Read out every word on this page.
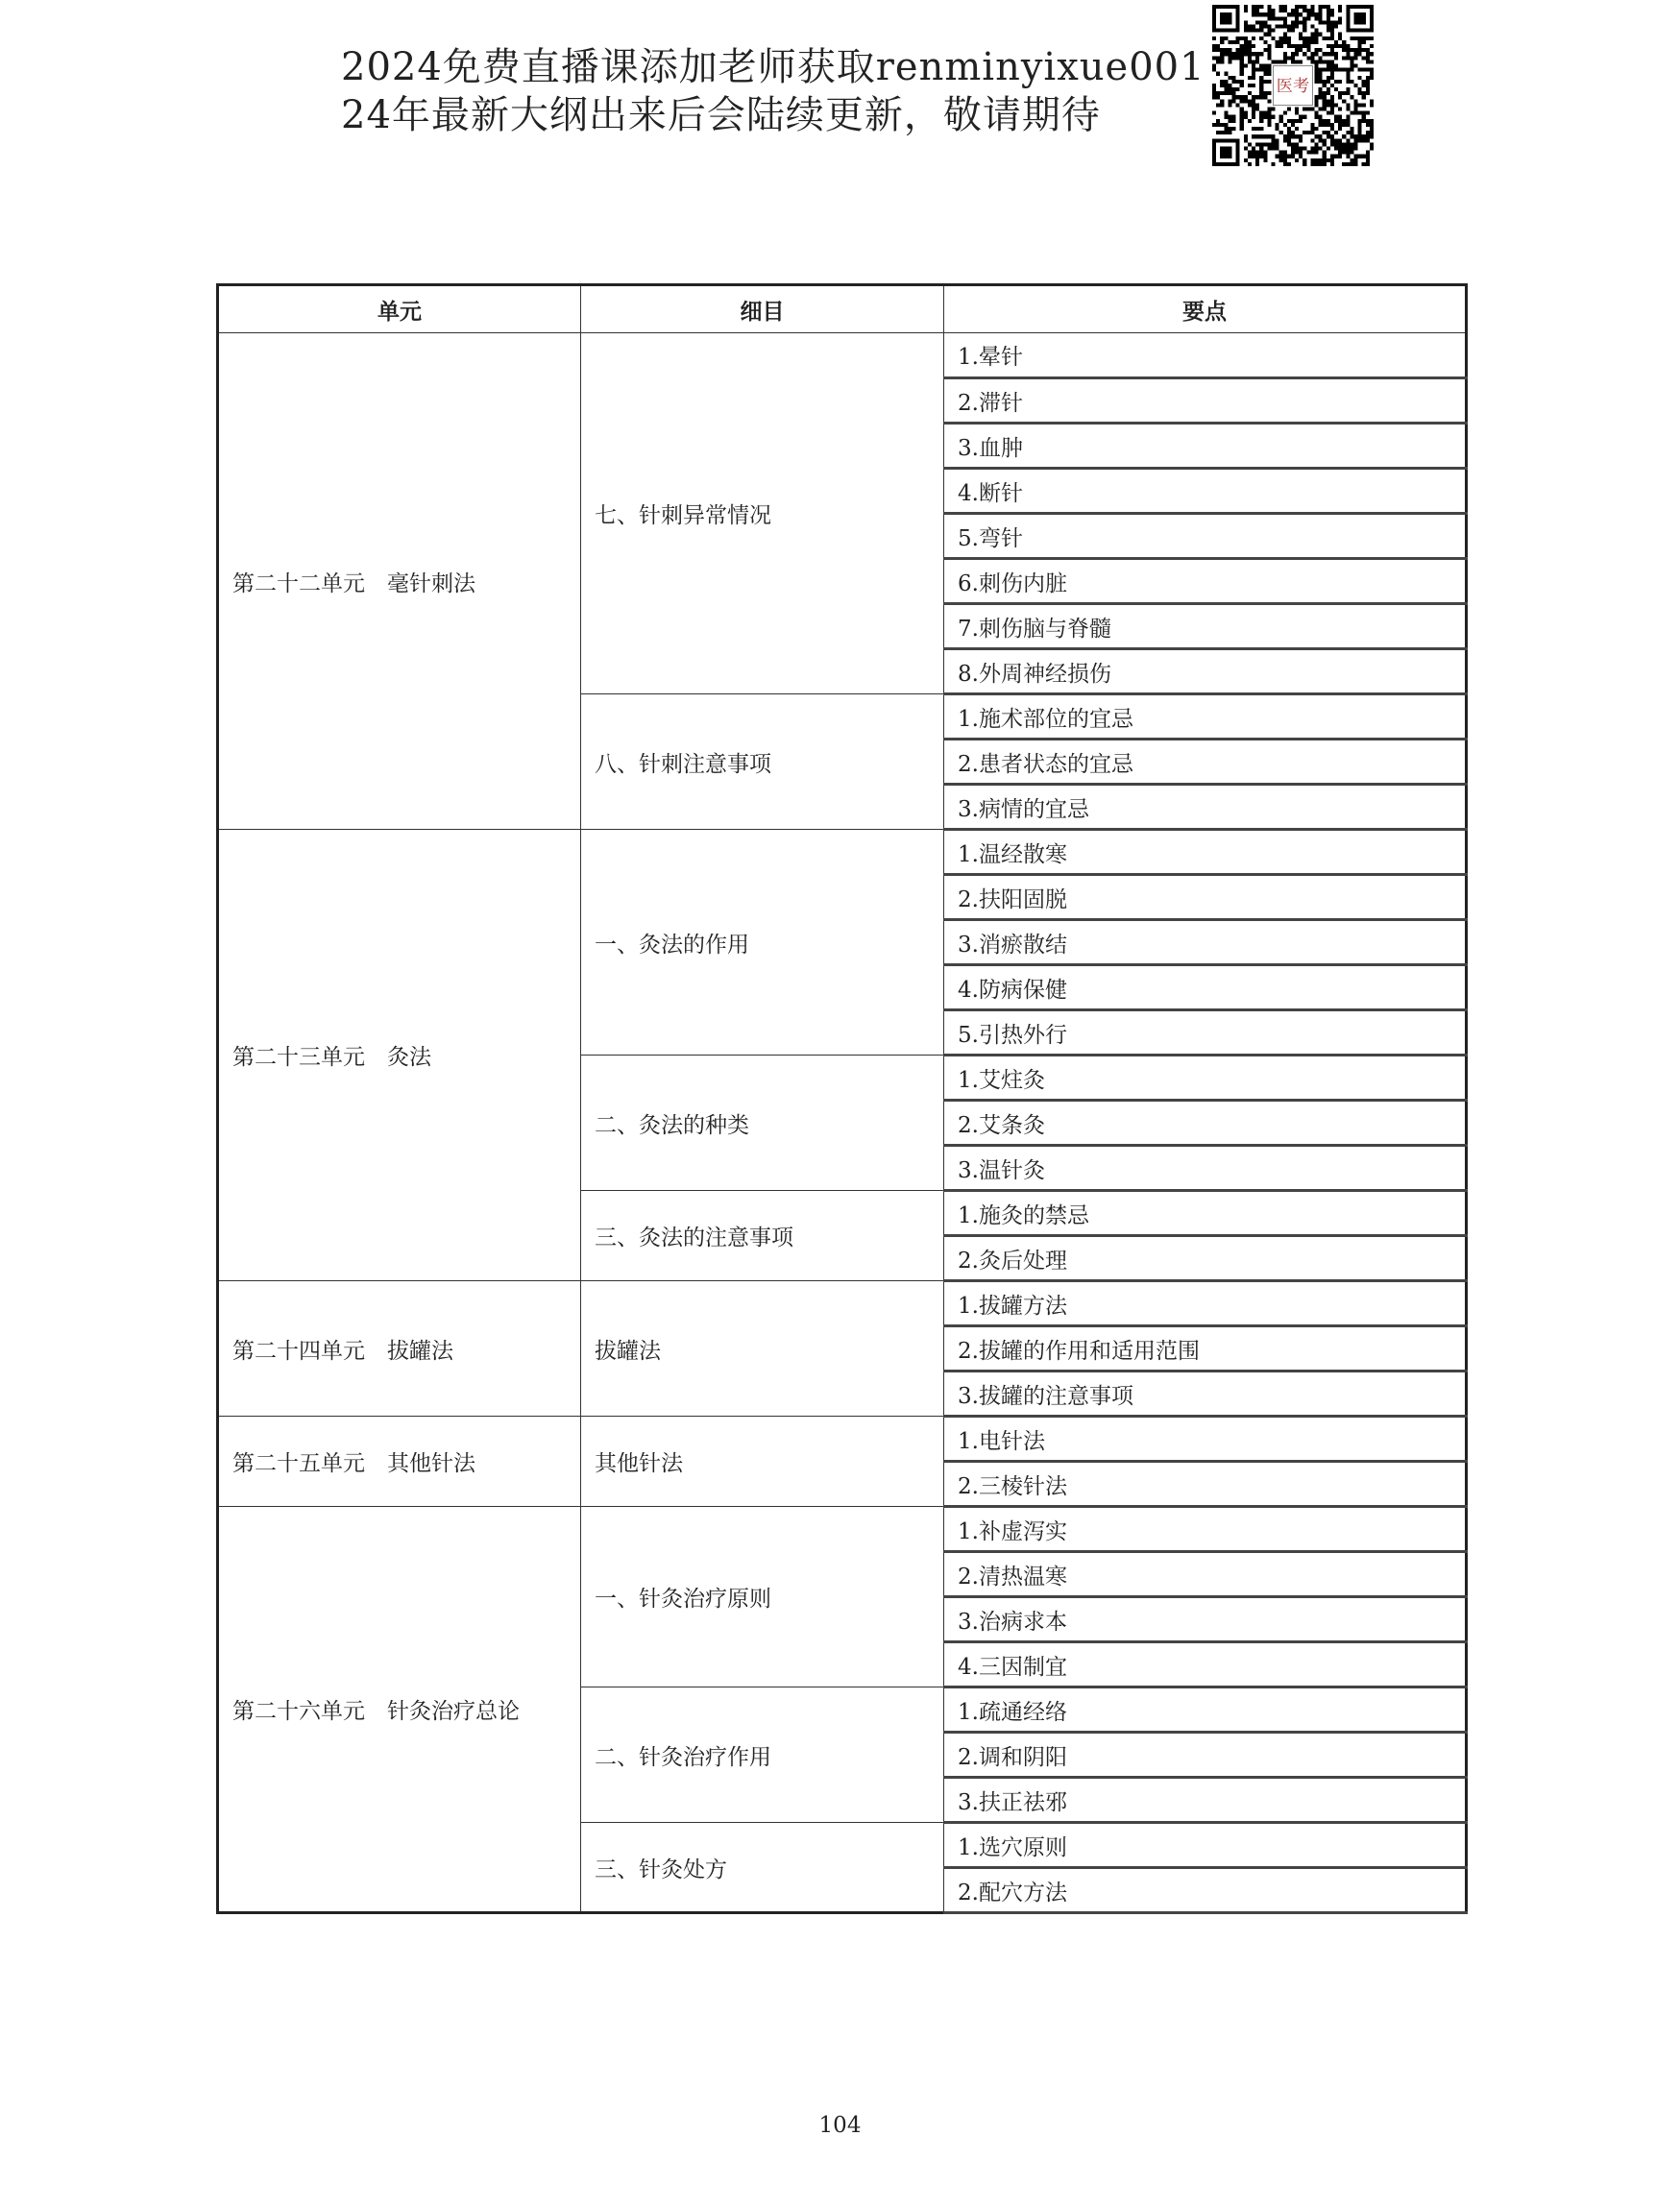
2024免费直播课添加老师获取renminyixue001
24年最新大纲出来后会陆续更新，敬请期待
医考
单元	细目	要点
第二十二单元　毫针刺法	七、针刺异常情况	1.晕针
		2.滞针
		3.血肿
		4.断针
		5.弯针
		6.刺伤内脏
		7.刺伤脑与脊髓
		8.外周神经损伤
	八、针刺注意事项	1.施术部位的宜忌
		2.患者状态的宜忌
		3.病情的宜忌
第二十三单元　灸法	一、灸法的作用	1.温经散寒
		2.扶阳固脱
		3.消瘀散结
		4.防病保健
		5.引热外行
	二、灸法的种类	1.艾炷灸
		2.艾条灸
		3.温针灸
	三、灸法的注意事项	1.施灸的禁忌
		2.灸后处理
第二十四单元　拔罐法	拔罐法	1.拔罐方法
		2.拔罐的作用和适用范围
		3.拔罐的注意事项
第二十五单元　其他针法	其他针法	1.电针法
		2.三棱针法
第二十六单元　针灸治疗总论	一、针灸治疗原则	1.补虚泻实
		2.清热温寒
		3.治病求本
		4.三因制宜
	二、针灸治疗作用	1.疏通经络
		2.调和阴阳
		3.扶正祛邪
	三、针灸处方	1.选穴原则
		2.配穴方法
104
